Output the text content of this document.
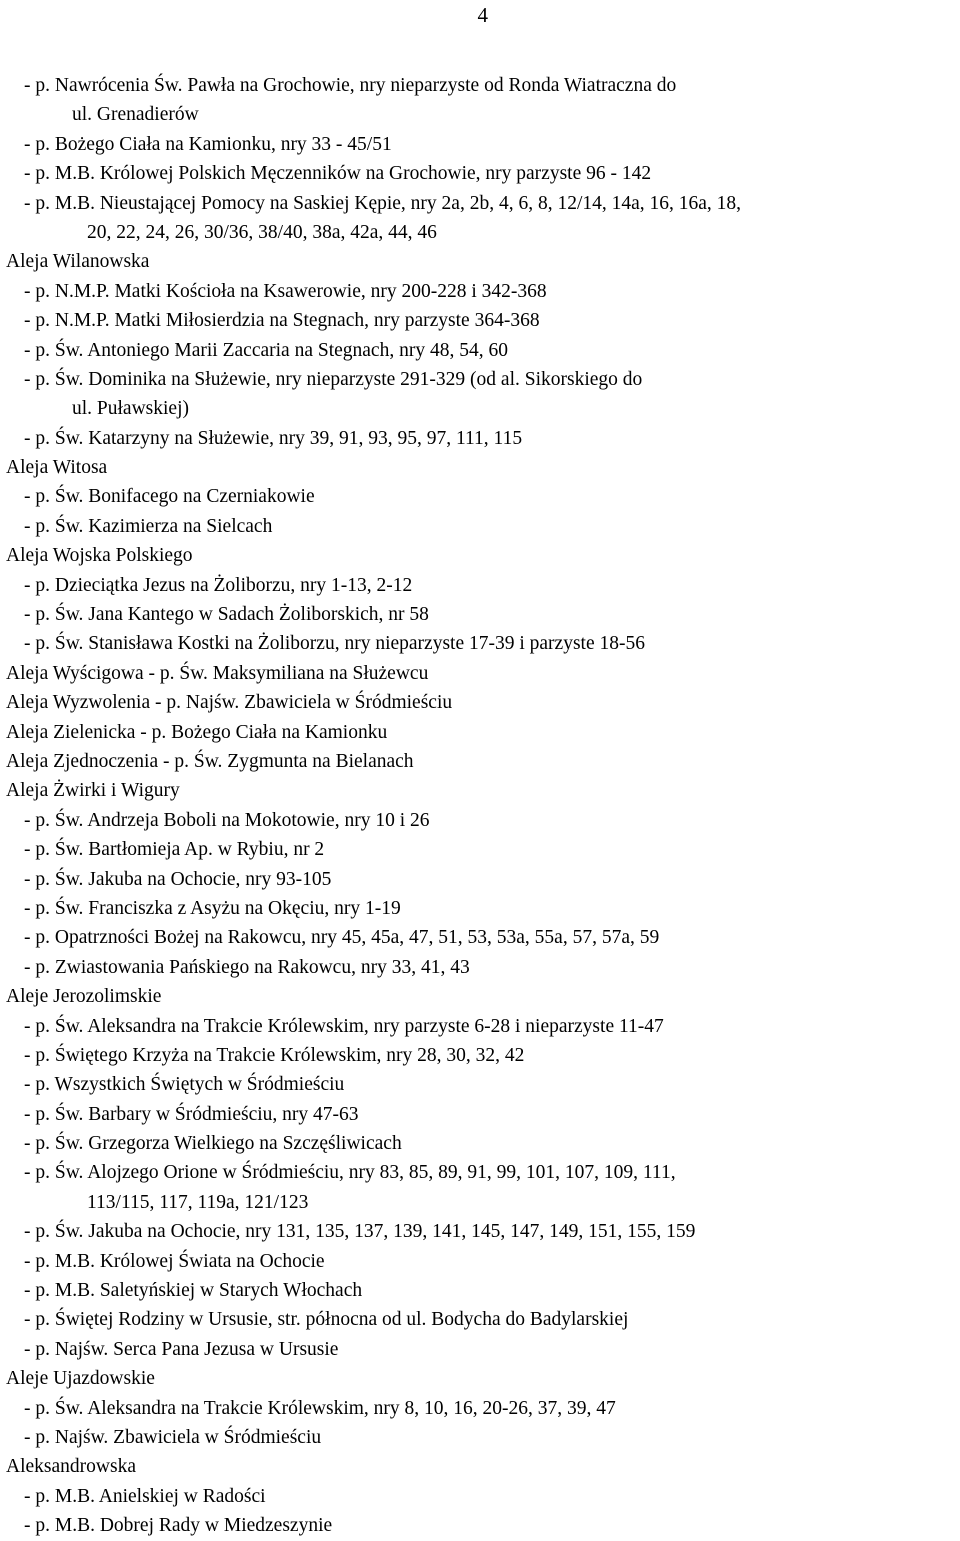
4
- p. Nawrócenia Św. Pawła na Grochowie, nry nieparzyste od Ronda Wiatraczna do
ul. Grenadierów
- p. Bożego Ciała na Kamionku, nry 33 - 45/51
- p. M.B. Królowej Polskich Męczenników na Grochowie, nry parzyste 96 - 142
- p. M.B. Nieustającej Pomocy na Saskiej Kępie, nry 2a, 2b, 4, 6, 8, 12/14, 14a, 16, 16a, 18,
20, 22, 24, 26, 30/36, 38/40, 38a, 42a, 44, 46
Aleja Wilanowska
- p. N.M.P. Matki Kościoła na Ksawerowie, nry 200-228 i 342-368
- p. N.M.P. Matki Miłosierdzia na Stegnach, nry parzyste 364-368
- p. Św. Antoniego Marii Zaccaria na Stegnach, nry 48, 54, 60
- p. Św. Dominika na Służewie, nry nieparzyste 291-329 (od al. Sikorskiego do
ul. Puławskiej)
- p. Św. Katarzyny na Służewie, nry 39, 91, 93, 95, 97, 111, 115
Aleja Witosa
- p. Św. Bonifacego na Czerniakowie
- p. Św. Kazimierza na Sielcach
Aleja Wojska Polskiego
- p. Dzieciątka Jezus na Żoliborzu, nry 1-13, 2-12
- p. Św. Jana Kantego w Sadach Żoliborskich, nr 58
- p. Św. Stanisława Kostki na Żoliborzu, nry nieparzyste 17-39 i parzyste 18-56
Aleja Wyścigowa - p. Św. Maksymiliana na Służewcu
Aleja Wyzwolenia - p. Najśw. Zbawiciela w Śródmieściu
Aleja Zielenicka - p. Bożego Ciała na Kamionku
Aleja Zjednoczenia - p. Św. Zygmunta na Bielanach
Aleja Żwirki i Wigury
- p. Św. Andrzeja Boboli na Mokotowie, nry 10 i 26
- p. Św. Bartłomieja Ap. w Rybiu, nr 2
- p. Św. Jakuba na Ochocie, nry 93-105
- p. Św. Franciszka z Asyżu na Okęciu, nry 1-19
- p. Opatrzności Bożej na Rakowcu, nry 45, 45a, 47, 51, 53, 53a, 55a, 57, 57a, 59
- p. Zwiastowania Pańskiego na Rakowcu, nry 33, 41, 43
Aleje Jerozolimskie
- p. Św. Aleksandra na Trakcie Królewskim, nry parzyste 6-28 i nieparzyste 11-47
- p. Świętego Krzyża na Trakcie Królewskim, nry 28, 30, 32, 42
- p. Wszystkich Świętych w Śródmieściu
- p. Św. Barbary w Śródmieściu, nry 47-63
- p. Św. Grzegorza Wielkiego na Szczęśliwicach
- p. Św. Alojzego Orione w Śródmieściu, nry 83, 85, 89, 91, 99, 101, 107, 109, 111,
113/115, 117, 119a, 121/123
- p. Św. Jakuba na Ochocie, nry 131, 135, 137, 139, 141, 145, 147, 149, 151, 155, 159
- p. M.B. Królowej Świata na Ochocie
- p. M.B. Saletyńskiej w Starych Włochach
- p. Świętej Rodziny w Ursusie, str. północna od ul. Bodycha do Badylarskiej
- p. Najśw. Serca Pana Jezusa w Ursusie
Aleje Ujazdowskie
- p. Św. Aleksandra na Trakcie Królewskim, nry 8, 10, 16, 20-26, 37, 39, 47
- p. Najśw. Zbawiciela w Śródmieściu
Aleksandrowska
- p. M.B. Anielskiej w Radości
- p. M.B. Dobrej Rady w Miedzeszynie
